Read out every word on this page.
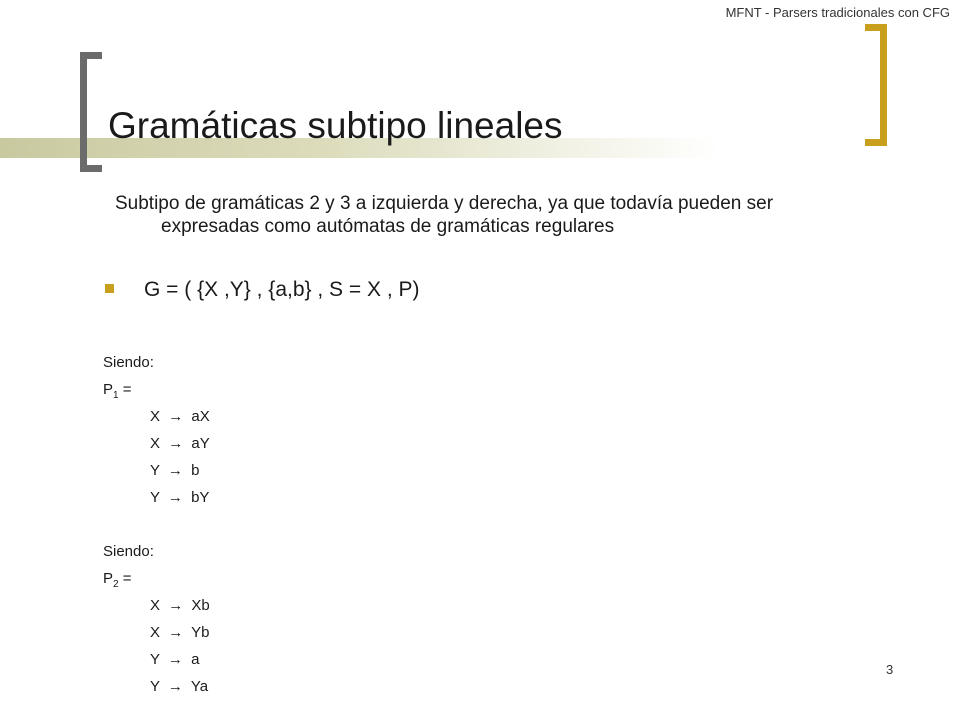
MFNT - Parsers tradicionales con CFG
Gramáticas subtipo lineales
Subtipo de gramáticas 2 y 3 a izquierda y derecha, ya que todavía pueden ser expresadas como autómatas de gramáticas regulares
G = ( {X ,Y} , {a,b} , S = X , P)
Siendo:
$P_1$ =
X → aX
X → aY
Y → b
Y → bY
Siendo:
$P_2$ =
X → Xb
X → Yb
Y → a
Y → Ya
3
